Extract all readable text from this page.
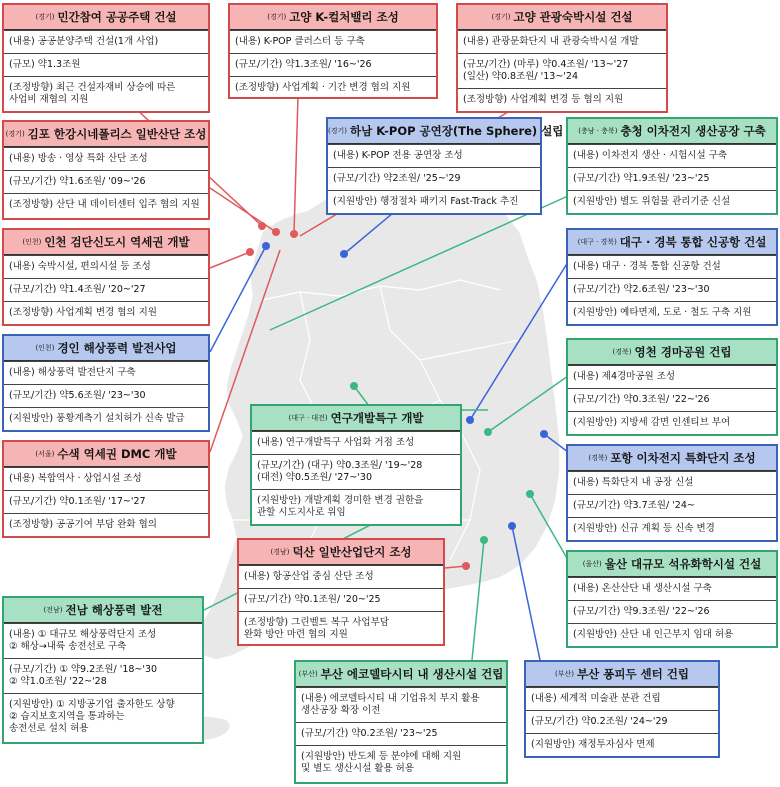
( $^{경기}$ ) 민간참여 공공주택 건설
(내용) 공공분양주택 건설(1개 사업)
(규모) 약1.3조원
(조정방향) 최근 건설자재비 상승에 따른
사업비 재협의 지원
( $^{경기}$ ) 고양 K-컬처밸리 조성
(내용) K-POP 클러스터 등 구축
(규모/기간) 약1.3조원/ '16~'26
(조정방향) 사업계획 · 기간 변경 협의 지원
( $^{경기}$ ) 고양 관광숙박시설 건설
(내용) 관광문화단지 내 관광숙박시설 개발
(규모/기간) (마루) 약0.4조원/ '13~'27
(일산) 약0.8조원/ '13~'24
(조정방향) 사업계획 변경 등 협의 지원
( $^{경기}$ ) 김포 한강시네폴리스 일반산단 조성
(내용) 방송 · 영상 특화 산단 조성
(규모/기간) 약1.6조원/ '09~'26
(조정방향) 산단 내 데이터센터 입주 협의 지원
( $^{경기}$ ) 하남 K-POP 공연장(The Sphere) 설립
(내용) K-POP 전용 공연장 조성
(규모/기간) 약2조원/ '25~'29
(지원방안) 행정절차 패키지 Fast-Track 추진
( $^{충남 \cdot 충북}$ ) 충청 이차전지 생산공장 구축
(내용) 이차전지 생산 · 시험시설 구축
(규모/기간) 약1.9조원/ '23~'25
(지원방안) 별도 위험물 관리기준 신설
( $^{인천}$ ) 인천 검단신도시 역세권 개발
(내용) 숙박시설, 편의시설 등 조성
(규모/기간) 약1.4조원/ '20~'27
(조정방향) 사업계획 변경 협의 지원
( $^{대구 \cdot 경북}$ ) 대구 · 경북 통합 신공항 건설
(내용) 대구 · 경북 통합 신공항 건설
(규모/기간) 약2.6조원/ '23~'30
(지원방안) 예타면제, 도로 · 철도 구축 지원
( $^{인천}$ ) 경인 해상풍력 발전사업
(내용) 해상풍력 발전단지 구축
(규모/기간) 약5.6조원/ '23~'30
(지원방안) 풍황계측기 설치허가 신속 발급
( $^{경북}$ ) 영천 경마공원 건립
(내용) 제4경마공원 조성
(규모/기간) 약0.3조원/ '22~'26
(지원방안) 지방세 감면 인센티브 부여
( $^{대구 \cdot 대전}$ ) 연구개발특구 개발
(내용) 연구개발특구 사업화 거점 조성
(규모/기간) (대구) 약0.3조원/ '19~'28
(대전) 약0.5조원/ '27~'30
(지원방안) 개발계획 경미한 변경 권한을
관할 시도지사로 위임
( $^{서울}$ ) 수색 역세권 DMC 개발
(내용) 복합역사 · 상업시설 조성
(규모/기간) 약0.1조원/ '17~'27
(조정방향) 공공기여 부담 완화 협의
( $^{경북}$ ) 포항 이차전지 특화단지 조성
(내용) 특화단지 내 공장 신설
(규모/기간) 약3.7조원/ '24~
(지원방안) 신규 계획 등 신속 변경
( $^{경남}$ ) 덕산 일반산업단지 조성
(내용) 항공산업 중심 산단 조성
(규모/기간) 약0.1조원/ '20~'25
(조정방향) 그린벨트 복구 사업부담
완화 방안 마련 협의 지원
( $^{울산}$ ) 울산 대규모 석유화학시설 건설
(내용) 온산산단 내 생산시설 구축
(규모/기간) 약9.3조원/ '22~'26
(지원방안) 산단 내 인근부지 임대 허용
( $^{전남}$ ) 전남 해상풍력 발전
(내용) ① 대규모 해상풍력단지 조성
② 해상→내륙 송전선로 구축
(규모/기간) ① 약9.2조원/ '18~'30
② 약1.0조원/ '22~'28
(지원방안) ① 지방공기업 출자한도 상향
② 습지보호지역을 통과하는
송전선로 설치 허용
( $^{부산}$ ) 부산 에코델타시티 내 생산시설 건립
(내용) 에코델타시티 내 기업유치 부지 활용
생산공장 확장 이전
(규모/기간) 약0.2조원/ '23~'25
(지원방안) 반도체 등 분야에 대해 지원
및 별도 생산시설 활용 허용
( $^{부산}$ ) 부산 퐁피두 센터 건립
(내용) 세계적 미술관 분관 건립
(규모/기간) 약0.2조원/ '24~'29
(지원방안) 재정투자심사 면제
